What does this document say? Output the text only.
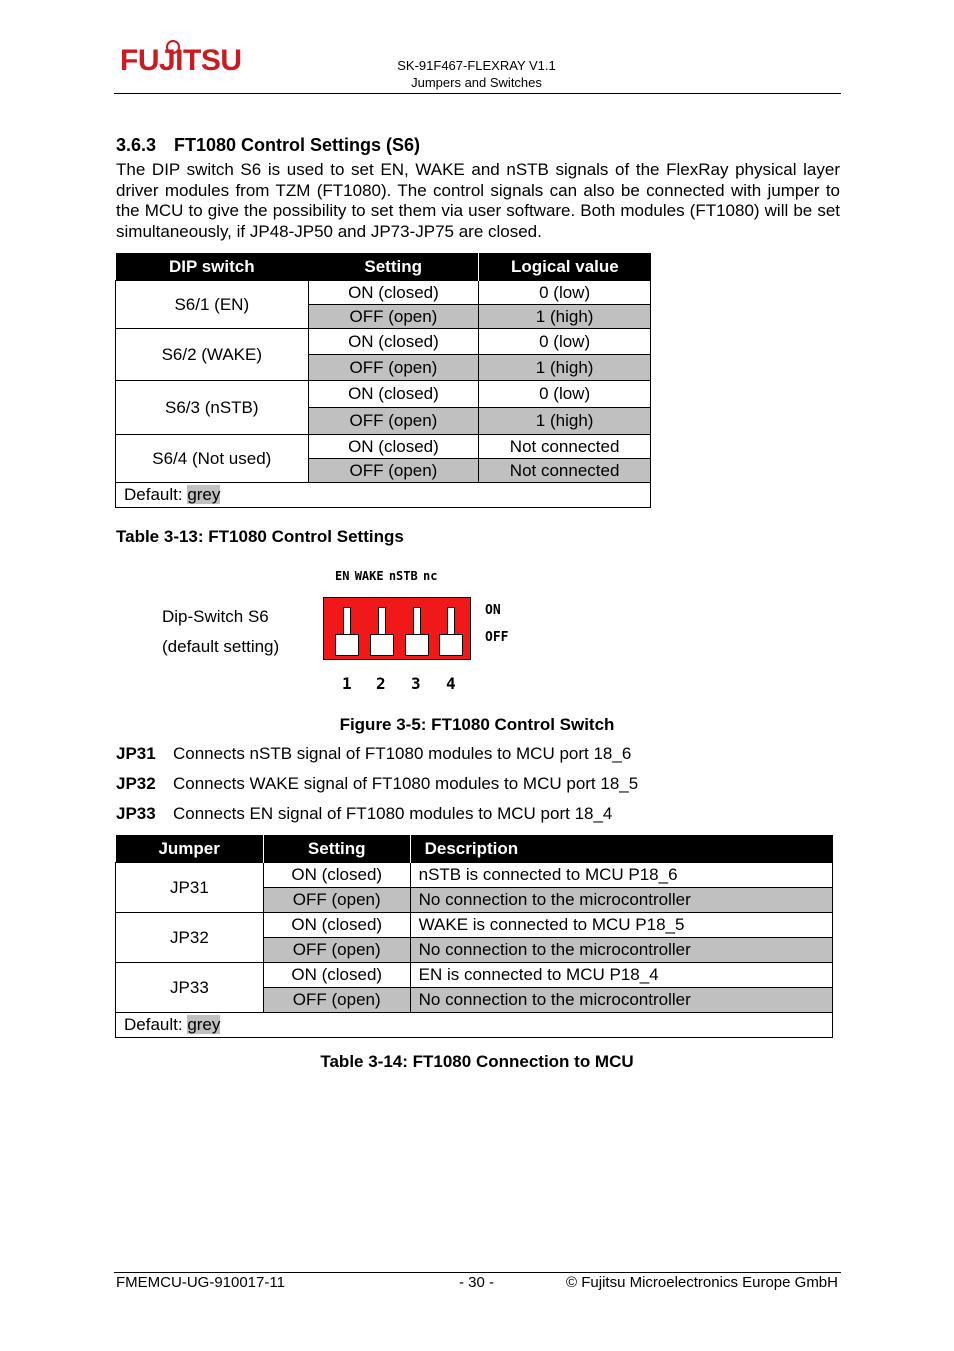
FUJITSU	SK-91F467-FLEXRAY V1.1
Jumpers and Switches
3.6.3 FT1080 Control Settings (S6)
The DIP switch S6 is used to set EN, WAKE and nSTB signals of the FlexRay physical layer driver modules from TZM (FT1080). The control signals can also be connected with jumper to the MCU to give the possibility to set them via user software. Both modules (FT1080) will be set simultaneously, if JP48-JP50 and JP73-JP75 are closed.
DIP switch	Setting	Logical value
S6/1 (EN)	ON (closed)	0 (low)
	OFF (open)	1 (high)
S6/2 (WAKE)	ON (closed)	0 (low)
	OFF (open)	1 (high)
S6/3 (nSTB)	ON (closed)	0 (low)
	OFF (open)	1 (high)
S6/4 (Not used)	ON (closed)	Not connected
	OFF (open)	Not connected
Default: grey		
Table 3-13: FT1080 Control Settings
EN WAKE nSTB nc
Dip-Switch S6
(default setting)
ON
OFF
1 2 3 4
Figure 3-5: FT1080 Control Switch
JP31 Connects nSTB signal of FT1080 modules to MCU port 18_6
JP32 Connects WAKE signal of FT1080 modules to MCU port 18_5
JP33 Connects EN signal of FT1080 modules to MCU port 18_4
Jumper	Setting	Description
JP31	ON (closed)	nSTB is connected to MCU P18_6
	OFF (open)	No connection to the microcontroller
JP32	ON (closed)	WAKE is connected to MCU P18_5
	OFF (open)	No connection to the microcontroller
JP33	ON (closed)	EN is connected to MCU P18_4
	OFF (open)	No connection to the microcontroller
Default: grey		
Table 3-14: FT1080 Connection to MCU
FMEMCU-UG-910017-11	- 30 -	© Fujitsu Microelectronics Europe GmbH
